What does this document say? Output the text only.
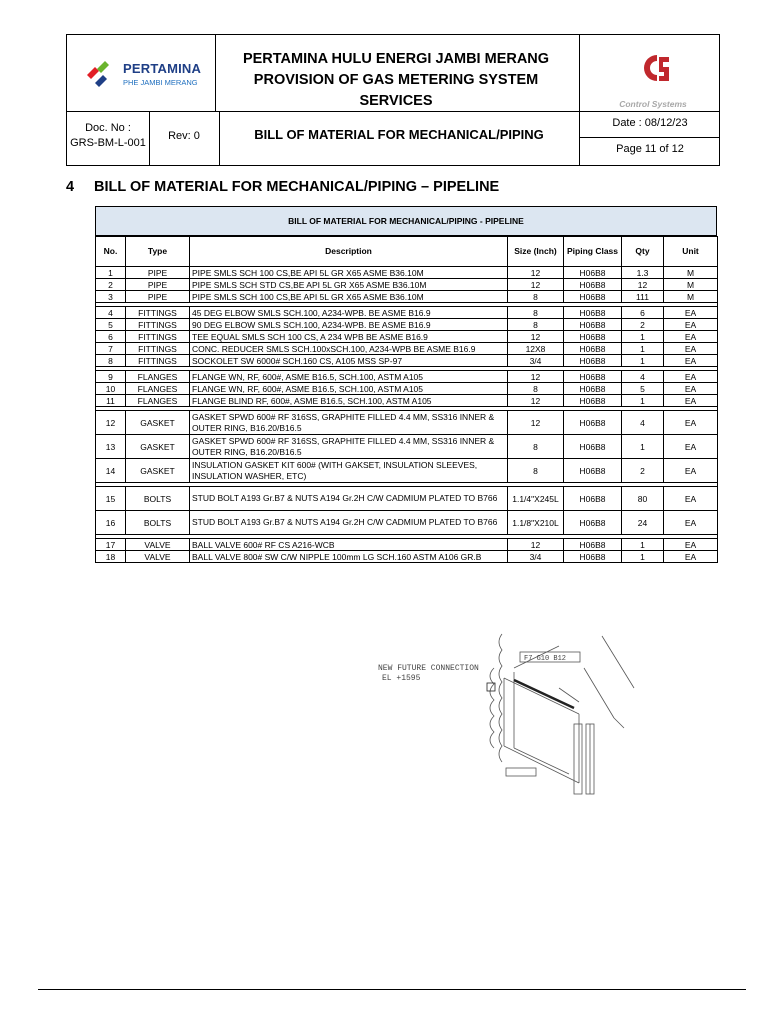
PERTAMINA
PHE JAMBI MERANG
PERTAMINA HULU ENERGI JAMBI MERANG
PROVISION OF GAS METERING SYSTEM
SERVICES	Control Systems
Doc. No :
GRS-BM-L-001
Rev: 0	BILL OF MATERIAL FOR MECHANICAL/PIPING
Date : 08/12/23
Page 11 of 12
4 BILL OF MATERIAL FOR MECHANICAL/PIPING – PIPELINE
BILL OF MATERIAL FOR MECHANICAL/PIPING - PIPELINE
No.	Type	Description	Size (Inch)	Piping Class	Qty	Unit
1	PIPE	PIPE SMLS SCH 100 CS,BE API 5L GR X65 ASME B36.10M	12	H06B8	1.3	M
2	PIPE	PIPE SMLS SCH STD CS,BE API 5L GR X65 ASME B36.10M	12	H06B8	12	M
3	PIPE	PIPE SMLS SCH 100 CS,BE API 5L GR X65 ASME B36.10M	8	H06B8	111	M

4	FITTINGS	45 DEG ELBOW SMLS SCH.100, A234-WPB. BE ASME B16.9	8	H06B8	6	EA
5	FITTINGS	90 DEG ELBOW SMLS SCH.100, A234-WPB. BE ASME B16.9	8	H06B8	2	EA
6	FITTINGS	TEE EQUAL SMLS SCH 100 CS, A 234 WPB BE ASME B16.9	12	H06B8	1	EA
7	FITTINGS	CONC. REDUCER SMLS SCH.100xSCH.100, A234-WPB BE ASME B16.9	12X8	H06B8	1	EA
8	FITTINGS	SOCKOLET SW 6000# SCH.160 CS, A105 MSS SP-97	3/4	H06B8	1	EA

9	FLANGES	FLANGE WN, RF, 600#, ASME B16.5, SCH.100, ASTM A105	12	H06B8	4	EA
10	FLANGES	FLANGE WN, RF, 600#, ASME B16.5, SCH.100, ASTM A105	8	H06B8	5	EA
11	FLANGES	FLANGE BLIND RF, 600#, ASME B16.5, SCH.100, ASTM A105	12	H06B8	1	EA

12	GASKET	GASKET SPWD 600# RF 316SS, GRAPHITE FILLED 4.4 MM, SS316 INNER & OUTER RING, B16.20/B16.5	12	H06B8	4	EA
13	GASKET	GASKET SPWD 600# RF 316SS, GRAPHITE FILLED 4.4 MM, SS316 INNER & OUTER RING, B16.20/B16.5	8	H06B8	1	EA
14	GASKET	INSULATION GASKET KIT 600# (WITH GAKSET, INSULATION SLEEVES, INSULATION WASHER, ETC)	8	H06B8	2	EA

15	BOLTS	STUD BOLT A193 Gr.B7 & NUTS A194 Gr.2H C/W CADMIUM PLATED TO B766	1.1/4"X245L	H06B8	80	EA
16	BOLTS	STUD BOLT A193 Gr.B7 & NUTS A194 Gr.2H C/W CADMIUM PLATED TO B766	1.1/8"X210L	H06B8	24	EA

17	VALVE	BALL VALVE 600# RF CS A216-WCB	12	H06B8	1	EA
18	VALVE	BALL VALVE 800# SW C/W NIPPLE 100mm LG SCH.160 ASTM A106 GR.B	3/4	H06B8	1	EA
NEW FUTURE CONNECTION
EL +1595
F7 G10 B12
